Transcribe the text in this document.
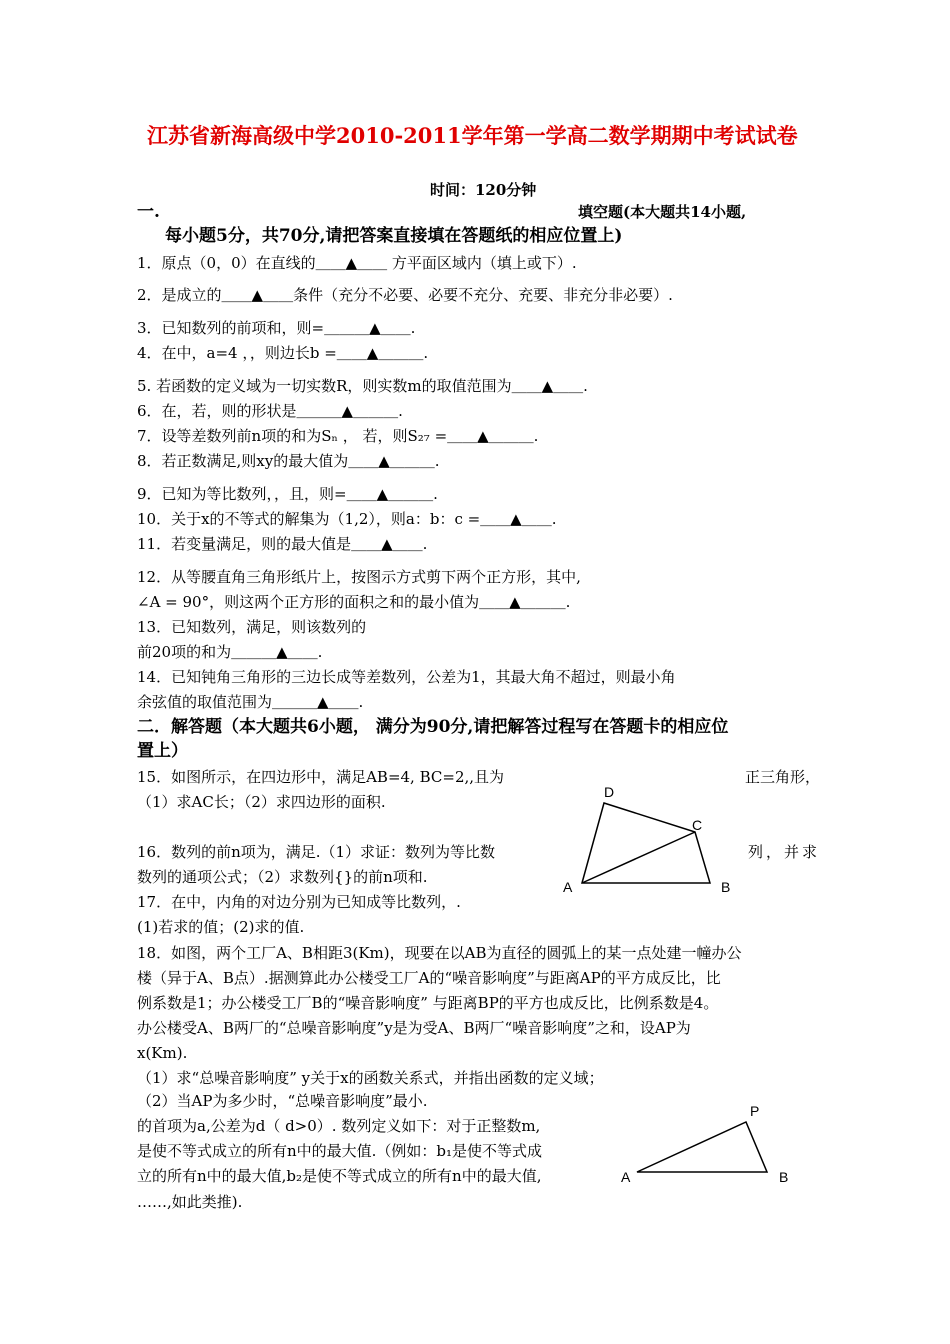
江苏省新海高级中学2010-2011学年第一学高二数学期期中考试试卷
时间：120分钟
一.	填空题(本大题共14小题,
每小题5分，共70分,请把答案直接填在答题纸的相应位置上)
1．原点（0，0）在直线的＿＿▲＿＿ 方平面区域内（填上或下）.
2．是成立的＿＿▲＿＿条件（充分不必要、必要不充分、充要、非充分非必要）.
3．已知数列的前项和，则=＿＿＿▲＿＿.
4．在中，a=4 ，，则边长b =＿＿▲＿＿＿.
5. 若函数的定义域为一切实数R，则实数m的取值范围为＿＿▲＿＿.
6．在，若，则的形状是＿＿＿▲＿＿＿.
7．设等差数列前n项的和为Sₙ ， 若，则S₂₇ =＿＿▲＿＿＿.
8．若正数满足,则xy的最大值为＿＿▲＿＿＿.
9．已知为等比数列，，且，则=＿＿▲＿＿＿.
10．关于x的不等式的解集为（1,2），则a：b：c =＿＿▲＿＿.
11．若变量满足，则的最大值是＿＿▲＿＿.
12．从等腰直角三角形纸片上，按图示方式剪下两个正方形，其中,
∠A = 90°，则这两个正方形的面积之和的最小值为＿＿▲＿＿＿.
13．已知数列，满足，则该数列的
前20项的和为＿＿＿▲＿＿.
14．已知钝角三角形的三边长成等差数列，公差为1，其最大角不超过，则最小角
余弦值的取值范围为＿＿＿▲＿＿.
二．解答题（本大题共6小题， 满分为90分,请把解答过程写在答题卡的相应位
置上）
15．如图所示，在四边形中，满足AB=4, BC=2,,且为	正三角形，
（1）求AC长；（2）求四边形的面积.
16．数列的前n项为，满足.（1）求证：数列为等比数	列，并求
数列的通项公式；（2）求数列{}的前n项和.
17．在中，内角的对边分别为已知成等比数列，.
(1)若求的值；(2)求的值.
18．如图，两个工厂A、B相距3(Km)，现要在以AB为直径的圆弧上的某一点处建一幢办公
楼（异于A、B点）.据测算此办公楼受工厂A的“噪音影响度”与距离AP的平方成反比，比
例系数是1；办公楼受工厂B的“噪音影响度” 与距离BP的平方也成反比，比例系数是4。
办公楼受A、B两厂的“总噪音影响度”y是为受A、B两厂“噪音影响度”之和，设AP为
x(Km).
（1）求“总噪音影响度” y关于x的函数关系式，并指出函数的定义域；
（2）当AP为多少时，“总噪音影响度”最小.
的首项为a,公差为d（ d>0）. 数列定义如下：对于正整数m,
是使不等式成立的所有n中的最大值.（例如：b₁是使不等式成
立的所有n中的最大值,b₂是使不等式成立的所有n中的最大值,
……,如此类推).
D
C
A	B
P
A	B
